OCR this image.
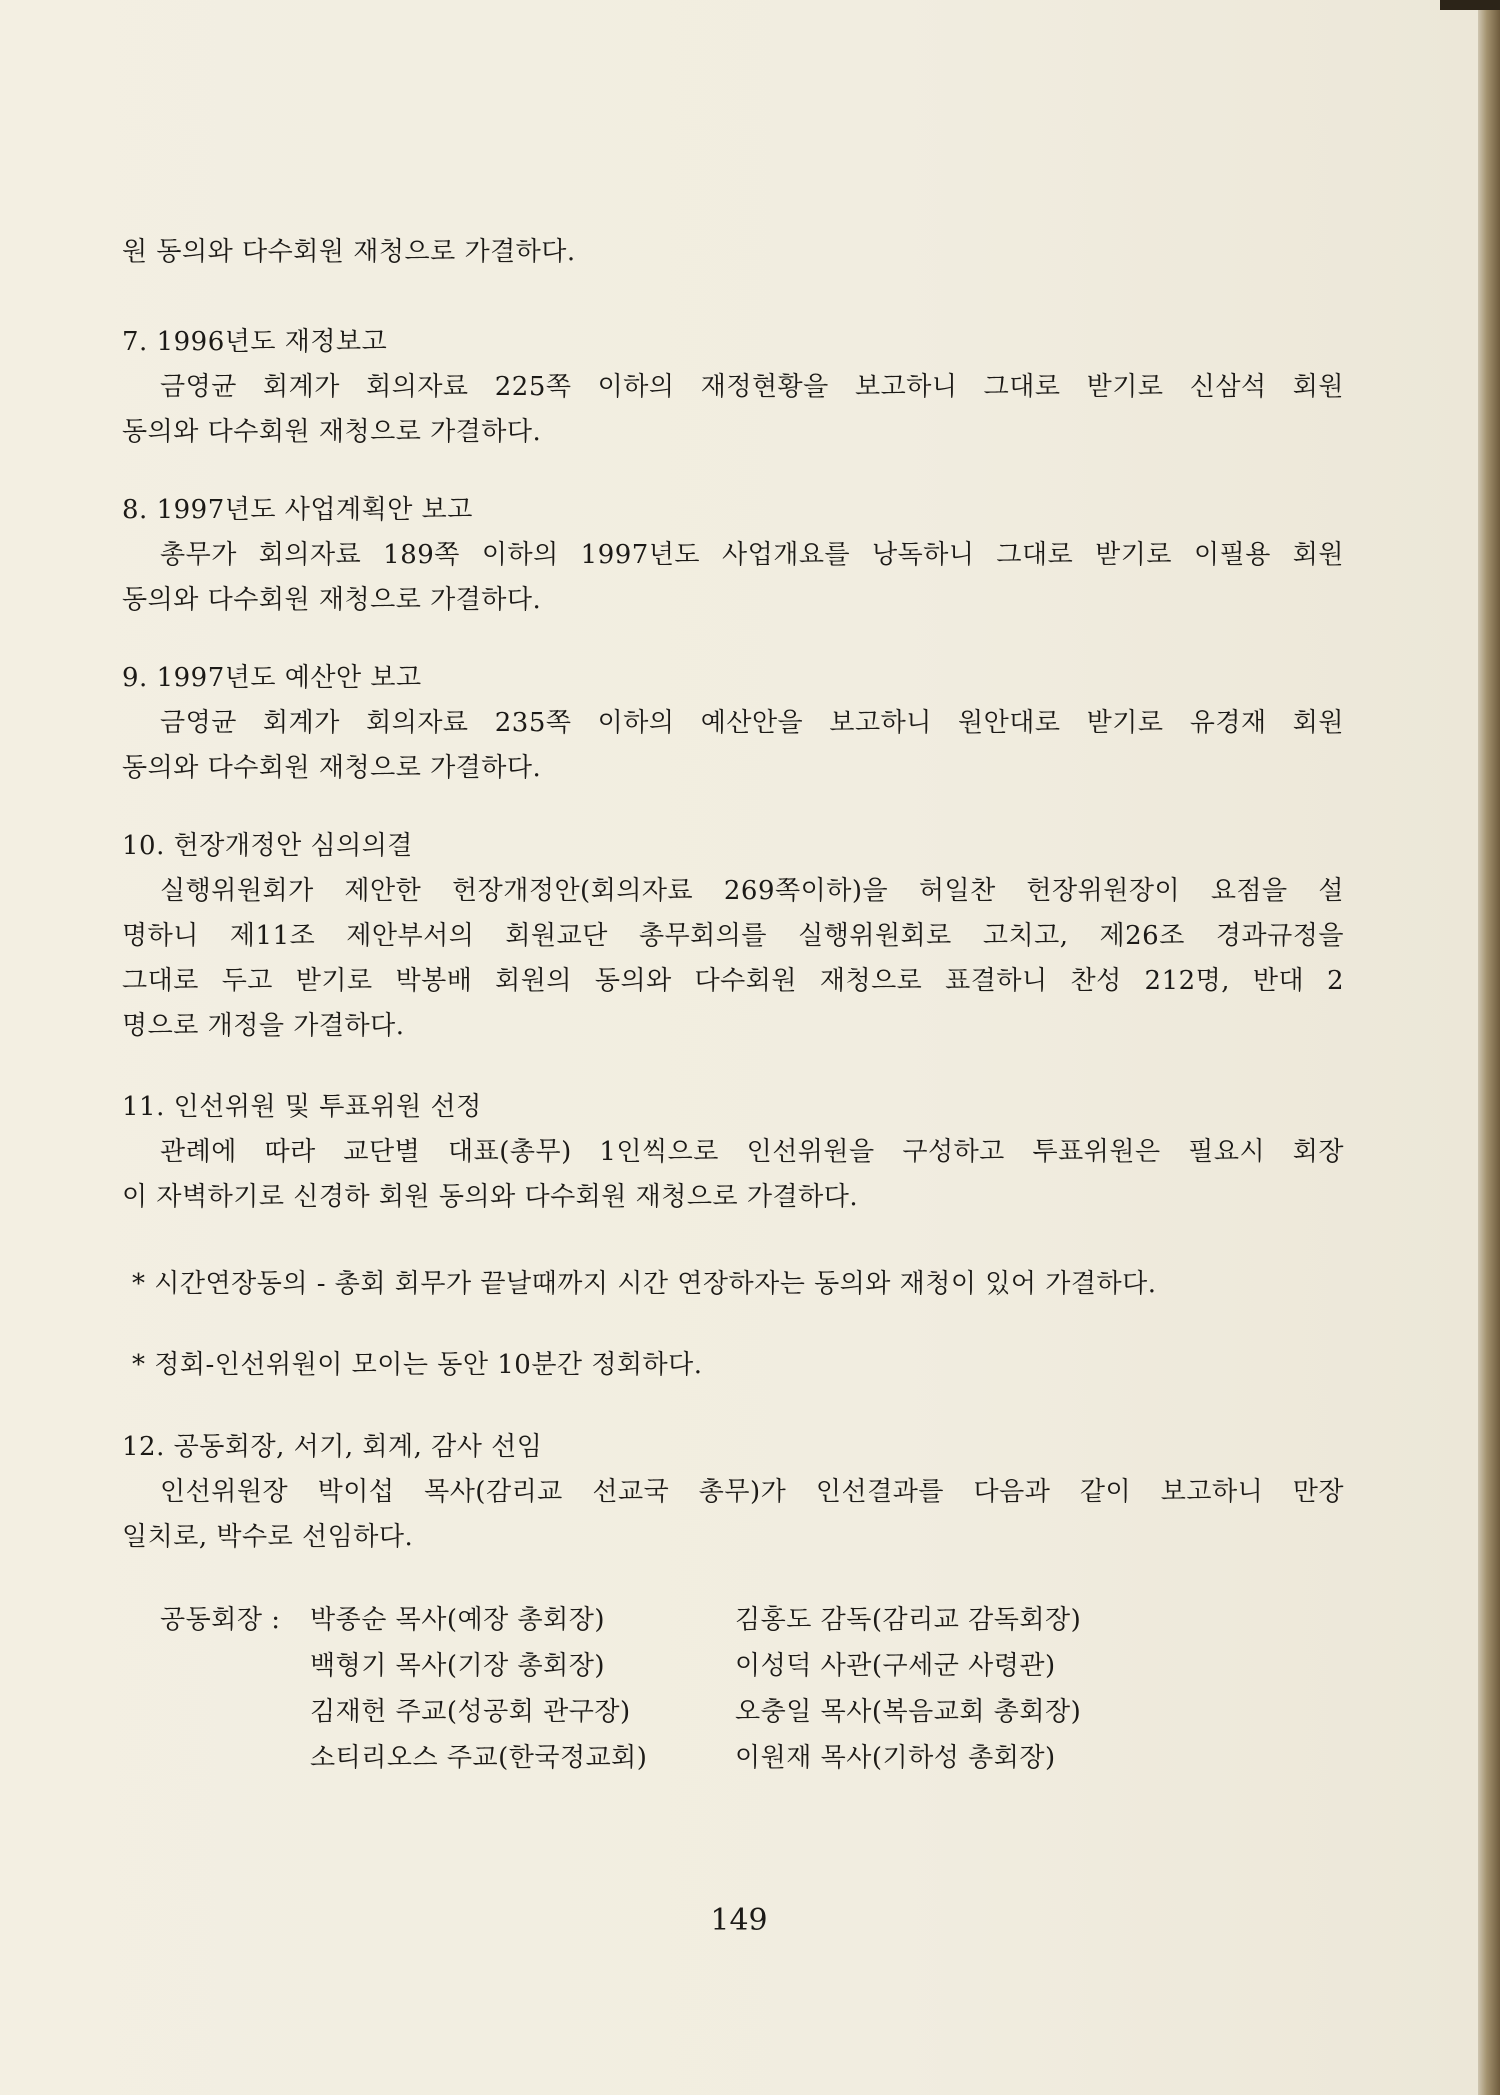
원 동의와 다수회원 재청으로 가결하다.
7. 1996년도 재정보고
금영균 회계가 회의자료 225쪽 이하의 재정현황을 보고하니 그대로 받기로 신삼석 회원
동의와 다수회원 재청으로 가결하다.
8. 1997년도 사업계획안 보고
총무가 회의자료 189쪽 이하의 1997년도 사업개요를 낭독하니 그대로 받기로 이필용 회원
동의와 다수회원 재청으로 가결하다.
9. 1997년도 예산안 보고
금영균 회계가 회의자료 235쪽 이하의 예산안을 보고하니 원안대로 받기로 유경재 회원
동의와 다수회원 재청으로 가결하다.
10. 헌장개정안 심의의결
실행위원회가 제안한 헌장개정안(회의자료 269쪽이하)을 허일찬 헌장위원장이 요점을 설
명하니 제11조 제안부서의 회원교단 총무회의를 실행위원회로 고치고, 제26조 경과규정을
그대로 두고 받기로 박봉배 회원의 동의와 다수회원 재청으로 표결하니 찬성 212명, 반대 2
명으로 개정을 가결하다.
11. 인선위원 및 투표위원 선정
관례에 따라 교단별 대표(총무) 1인씩으로 인선위원을 구성하고 투표위원은 필요시 회장
이 자벽하기로 신경하 회원 동의와 다수회원 재청으로 가결하다.
* 시간연장동의 - 총회 회무가 끝날때까지 시간 연장하자는 동의와 재청이 있어 가결하다.
* 정회-인선위원이 모이는 동안 10분간 정회하다.
12. 공동회장, 서기, 회계, 감사 선임
인선위원장 박이섭 목사(감리교 선교국 총무)가 인선결과를 다음과 같이 보고하니 만장
일치로, 박수로 선임하다.
공동회장 :	박종순 목사(예장 총회장)	김홍도 감독(감리교 감독회장)
백형기 목사(기장 총회장)	이성덕 사관(구세군 사령관)
김재헌 주교(성공회 관구장)	오충일 목사(복음교회 총회장)
소티리오스 주교(한국정교회)	이원재 목사(기하성 총회장)
149
